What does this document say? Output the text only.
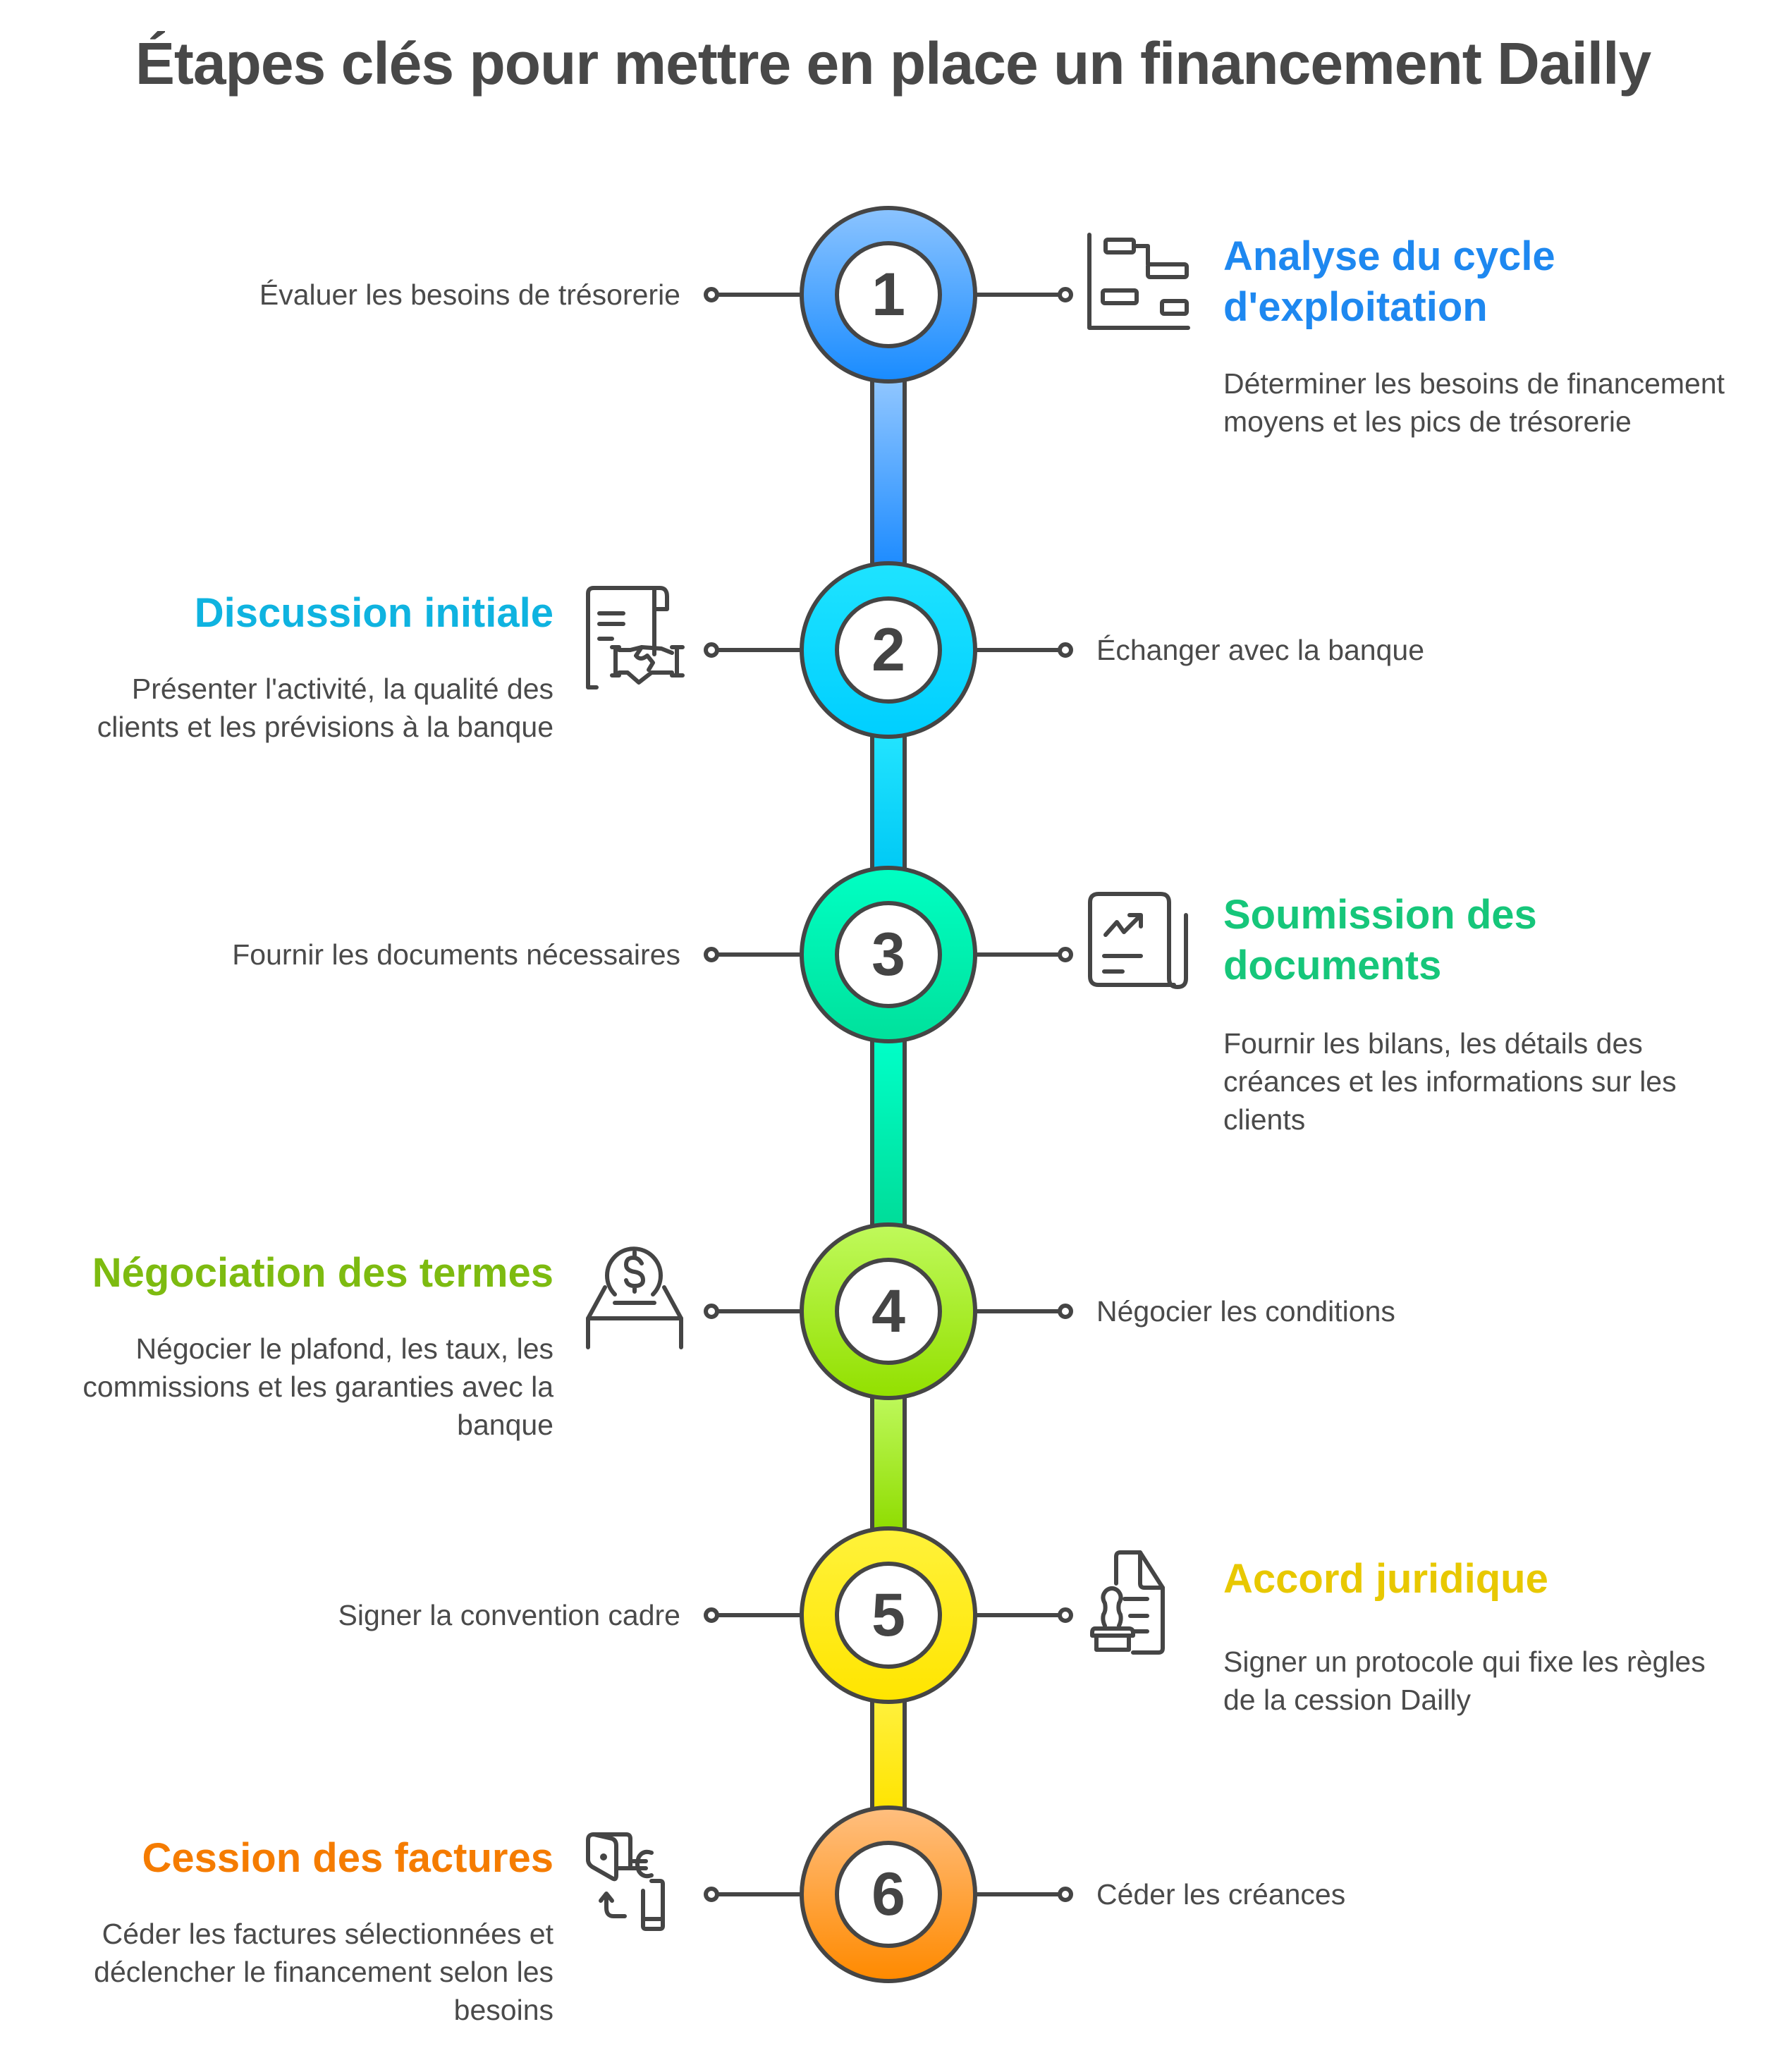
Étapes clés pour mettre en place un financement Dailly
1
Évaluer les besoins de trésorerie
Analyse du cycle
d'exploitation
Déterminer les besoins de financement moyens et les pics de trésorerie
2	Échanger avec la banque
Discussion initiale
Présenter l'activité, la qualité des clients et les prévisions à la banque
3
Fournir les documents nécessaires
Soumission des
documents
Fournir les bilans, les détails des créances et les informations sur les clients
4	Négocier les conditions
Négociation des termes
Négocier le plafond, les taux, les commissions et les garanties avec la banque
5
Signer la convention cadre
Accord juridique
Signer un protocole qui fixe les règles de la cession Dailly
6	Céder les créances
Cession des factures
Céder les factures sélectionnées et déclencher le financement selon les besoins
